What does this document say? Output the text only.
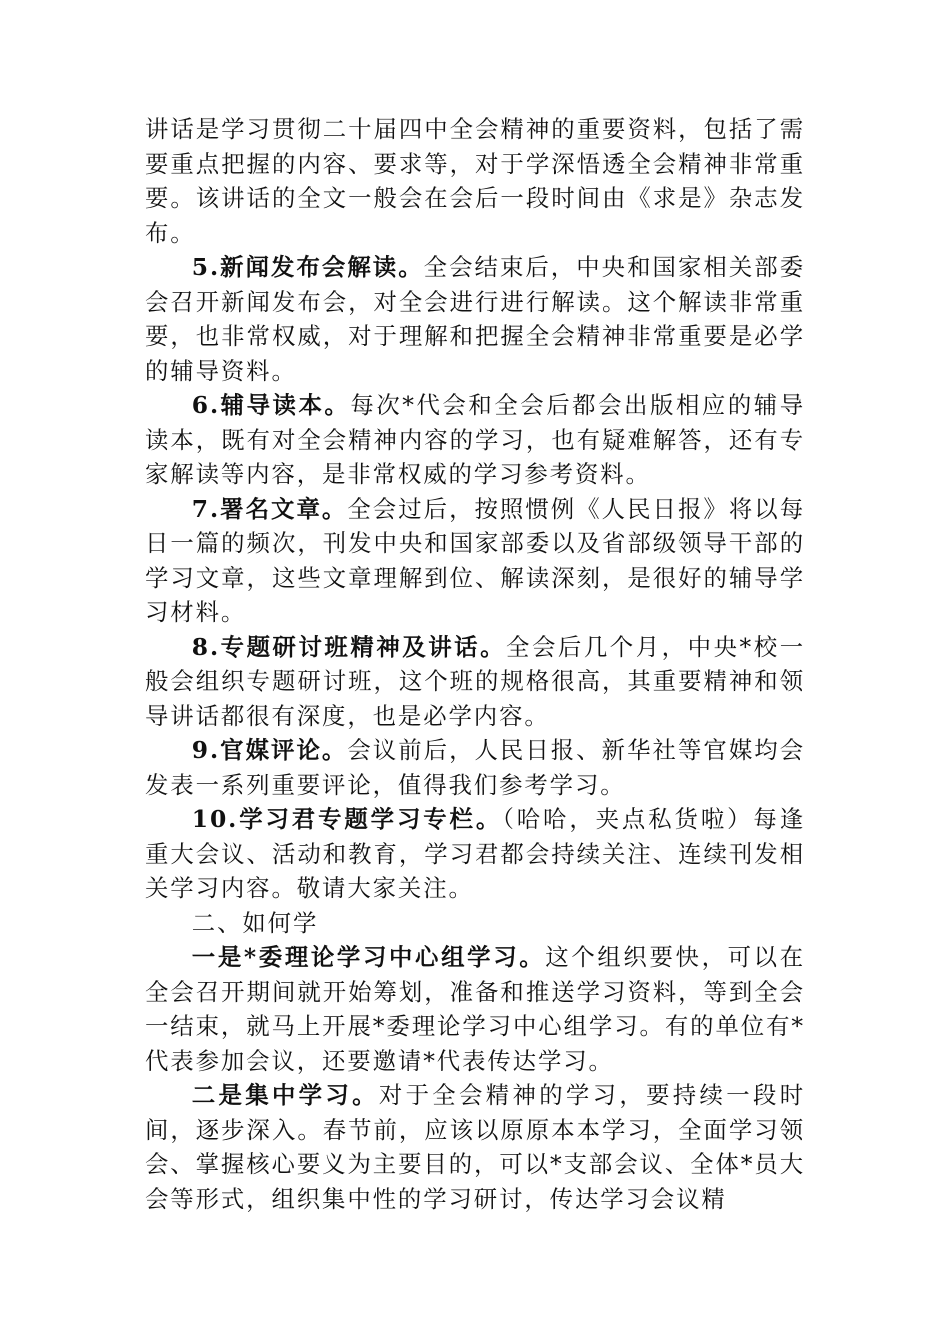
讲话是学习贯彻二十届四中全会精神的重要资料，包括了需要重点把握的内容、要求等，对于学深悟透全会精神非常重要。该讲话的全文一般会在会后一段时间由《求是》杂志发布。

5.新闻发布会解读。全会结束后，中央和国家相关部委会召开新闻发布会，对全会进行进行解读。这个解读非常重要，也非常权威，对于理解和把握全会精神非常重要是必学的辅导资料。

6.辅导读本。每次*代会和全会后都会出版相应的辅导读本，既有对全会精神内容的学习，也有疑难解答，还有专家解读等内容，是非常权威的学习参考资料。

7.署名文章。全会过后，按照惯例《人民日报》将以每日一篇的频次，刊发中央和国家部委以及省部级领导干部的学习文章，这些文章理解到位、解读深刻，是很好的辅导学习材料。

8.专题研讨班精神及讲话。全会后几个月，中央*校一般会组织专题研讨班，这个班的规格很高，其重要精神和领导讲话都很有深度，也是必学内容。

9.官媒评论。会议前后，人民日报、新华社等官媒均会发表一系列重要评论，值得我们参考学习。

10.学习君专题学习专栏。（哈哈，夹点私货啦）每逢重大会议、活动和教育，学习君都会持续关注、连续刊发相关学习内容。敬请大家关注。

二、如何学

一是*委理论学习中心组学习。这个组织要快，可以在全会召开期间就开始筹划，准备和推送学习资料，等到全会一结束，就马上开展*委理论学习中心组学习。有的单位有*代表参加会议，还要邀请*代表传达学习。

二是集中学习。对于全会精神的学习，要持续一段时间，逐步深入。春节前，应该以原原本本学习，全面学习领会、掌握核心要义为主要目的，可以*支部会议、全体*员大会等形式，组织集中性的学习研讨，传达学习会议精
